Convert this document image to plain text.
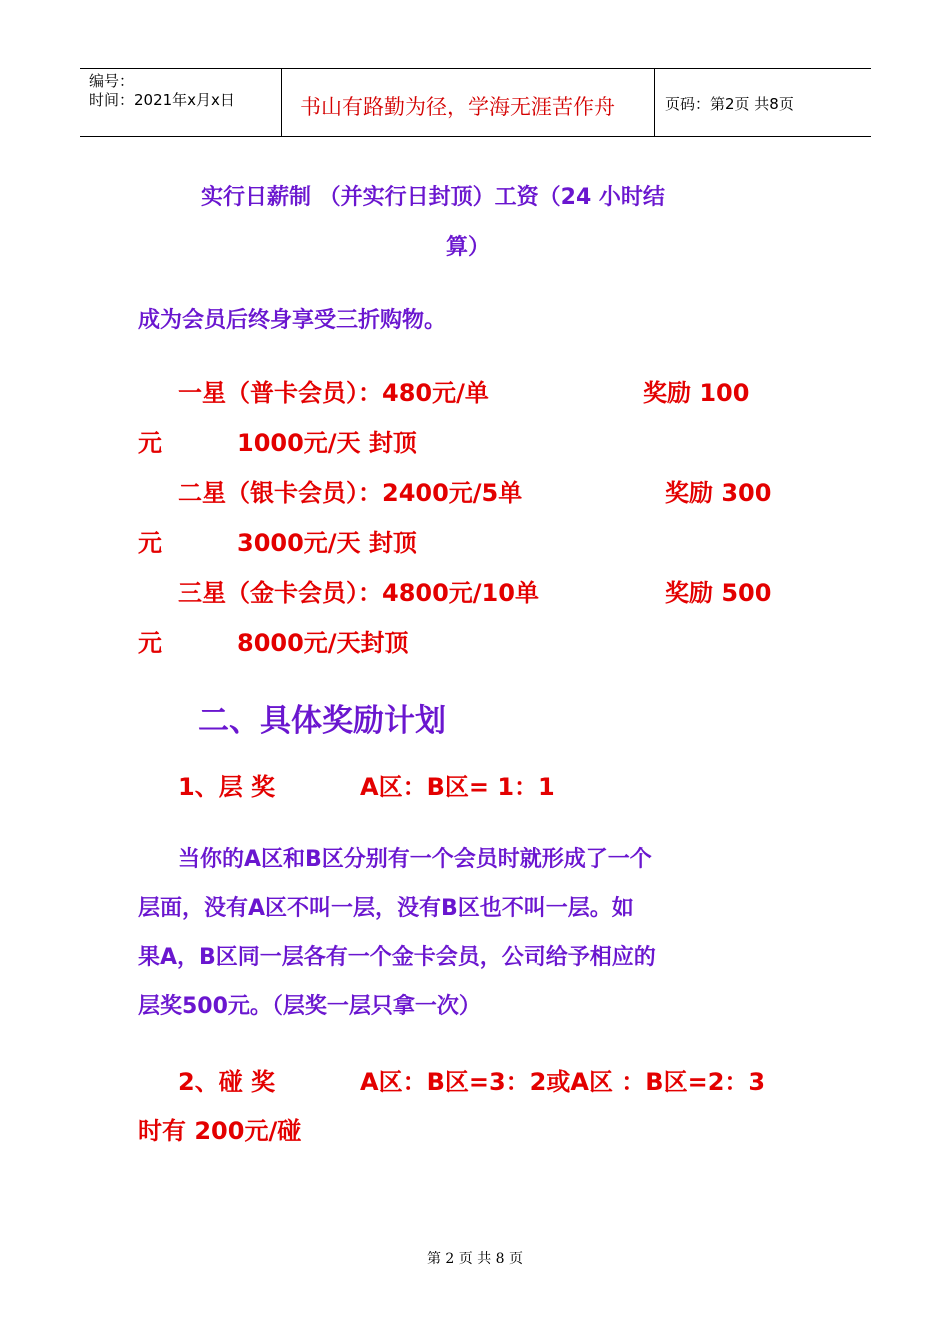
编号：
时间：2021年x月x日	书山有路勤为径，学海无涯苦作舟	页码：第2页 共8页
实行日薪制 （并实行日封顶）工资（24 小时结
算）
成为会员后终身享受三折购物。
一星（普卡会员）：480元/单	奖励 100
元	1000元/天 封顶
二星（银卡会员）：2400元/5单	奖励 300
元	3000元/天 封顶
三星（金卡会员）：4800元/10单	奖励 500
元	8000元/天封顶
二、具体奖励计划
1、层 奖	A区：B区= 1：1
当你的A区和B区分别有一个会员时就形成了一个
层面，没有A区不叫一层，没有B区也不叫一层。如
果A，B区同一层各有一个金卡会员，公司给予相应的
层奖500元。（层奖一层只拿一次）
2、碰 奖	A区：B区=3：2或A区 ：B区=2：3
时有 200元/碰
第 2 页 共 8 页
